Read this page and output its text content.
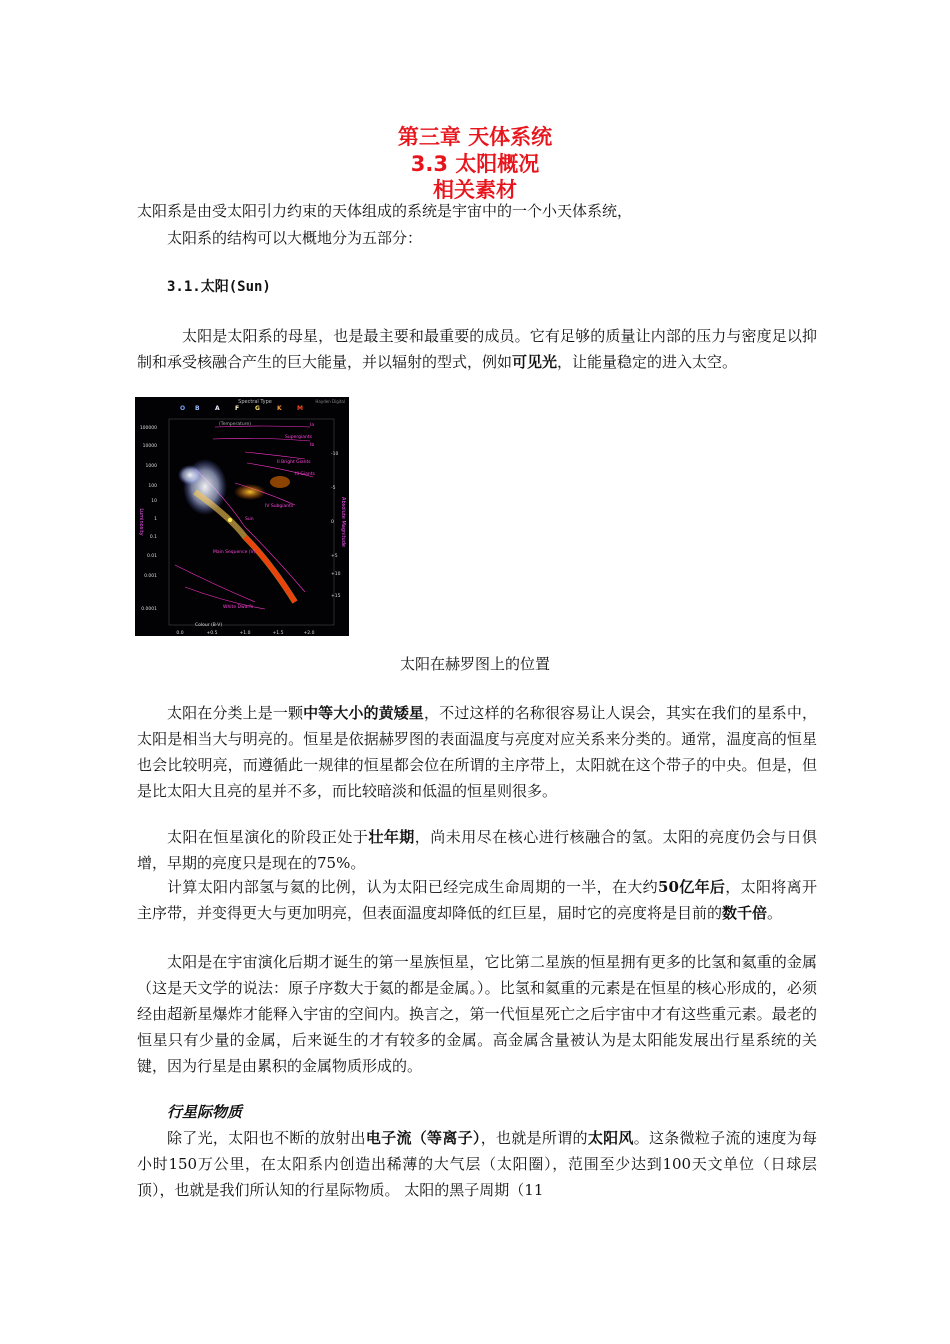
第三章 天体系统
3.3 太阳概况
相关素材
太阳系是由受太阳引力约束的天体组成的系统是宇宙中的一个小天体系统，
太阳系的结构可以大概地分为五部分：
3.1.太阳(Sun)
太阳是太阳系的母星，也是最主要和最重要的成员。它有足够的质量让内部的压力与密度足以抑制和承受核融合产生的巨大能量，并以辐射的型式，例如可见光，让能量稳定的进入太空。
Spectral Type	Hayden Digital
O B	A	F	G	K	M
(Temperature)
100000
10000
1000
100
10
1
0.1
0.01
0.001
0.0001
Luminosity	Absolute Magnitude
-10
-5
0
+5
+10
+15
Ia
Supergiants
Ib
II Bright Giants
III Giants
IV Subgiants
Sun
Main Sequence (V)
White Dwarfs
Colour (B-V)
0.0	+0.5	+1.0	+1.5	+2.0
太阳在赫罗图上的位置
太阳在分类上是一颗中等大小的黄矮星，不过这样的名称很容易让人误会，其实在我们的星系中，太阳是相当大与明亮的。恒星是依据赫罗图的表面温度与亮度对应关系来分类的。通常，温度高的恒星也会比较明亮，而遵循此一规律的恒星都会位在所谓的主序带上，太阳就在这个带子的中央。但是，但是比太阳大且亮的星并不多，而比较暗淡和低温的恒星则很多。
太阳在恒星演化的阶段正处于壮年期，尚未用尽在核心进行核融合的氢。太阳的亮度仍会与日俱增，早期的亮度只是现在的75%。
计算太阳内部氢与氦的比例，认为太阳已经完成生命周期的一半，在大约50亿年后，太阳将离开主序带，并变得更大与更加明亮，但表面温度却降低的红巨星，届时它的亮度将是目前的数千倍。
太阳是在宇宙演化后期才诞生的第一星族恒星，它比第二星族的恒星拥有更多的比氢和氦重的金属（这是天文学的说法：原子序数大于氦的都是金属。）。比氢和氦重的元素是在恒星的核心形成的，必须经由超新星爆炸才能释入宇宙的空间内。换言之，第一代恒星死亡之后宇宙中才有这些重元素。最老的恒星只有少量的金属，后来诞生的才有较多的金属。高金属含量被认为是太阳能发展出行星系统的关键，因为行星是由累积的金属物质形成的。
行星际物质
除了光，太阳也不断的放射出电子流（等离子），也就是所谓的太阳风。这条微粒子流的速度为每小时150万公里，在太阳系内创造出稀薄的大气层（太阳圈），范围至少达到100天文单位（日球层顶），也就是我们所认知的行星际物质。 太阳的黑子周期（11
